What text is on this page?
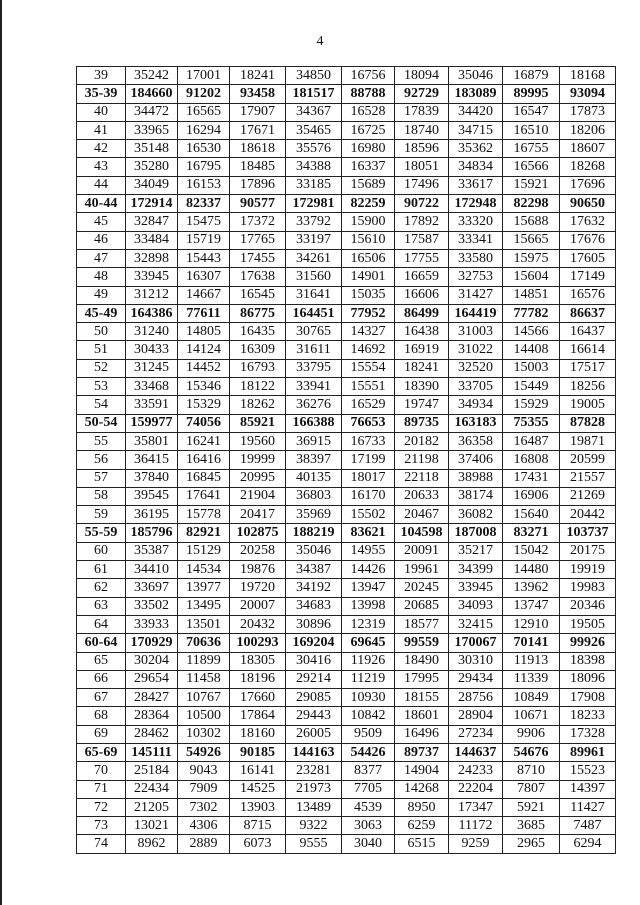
4
39	35242	17001	18241	34850	16756	18094	35046	16879	18168
35-39	184660	91202	93458	181517	88788	92729	183089	89995	93094
40	34472	16565	17907	34367	16528	17839	34420	16547	17873
41	33965	16294	17671	35465	16725	18740	34715	16510	18206
42	35148	16530	18618	35576	16980	18596	35362	16755	18607
43	35280	16795	18485	34388	16337	18051	34834	16566	18268
44	34049	16153	17896	33185	15689	17496	33617	15921	17696
40-44	172914	82337	90577	172981	82259	90722	172948	82298	90650
45	32847	15475	17372	33792	15900	17892	33320	15688	17632
46	33484	15719	17765	33197	15610	17587	33341	15665	17676
47	32898	15443	17455	34261	16506	17755	33580	15975	17605
48	33945	16307	17638	31560	14901	16659	32753	15604	17149
49	31212	14667	16545	31641	15035	16606	31427	14851	16576
45-49	164386	77611	86775	164451	77952	86499	164419	77782	86637
50	31240	14805	16435	30765	14327	16438	31003	14566	16437
51	30433	14124	16309	31611	14692	16919	31022	14408	16614
52	31245	14452	16793	33795	15554	18241	32520	15003	17517
53	33468	15346	18122	33941	15551	18390	33705	15449	18256
54	33591	15329	18262	36276	16529	19747	34934	15929	19005
50-54	159977	74056	85921	166388	76653	89735	163183	75355	87828
55	35801	16241	19560	36915	16733	20182	36358	16487	19871
56	36415	16416	19999	38397	17199	21198	37406	16808	20599
57	37840	16845	20995	40135	18017	22118	38988	17431	21557
58	39545	17641	21904	36803	16170	20633	38174	16906	21269
59	36195	15778	20417	35969	15502	20467	36082	15640	20442
55-59	185796	82921	102875	188219	83621	104598	187008	83271	103737
60	35387	15129	20258	35046	14955	20091	35217	15042	20175
61	34410	14534	19876	34387	14426	19961	34399	14480	19919
62	33697	13977	19720	34192	13947	20245	33945	13962	19983
63	33502	13495	20007	34683	13998	20685	34093	13747	20346
64	33933	13501	20432	30896	12319	18577	32415	12910	19505
60-64	170929	70636	100293	169204	69645	99559	170067	70141	99926
65	30204	11899	18305	30416	11926	18490	30310	11913	18398
66	29654	11458	18196	29214	11219	17995	29434	11339	18096
67	28427	10767	17660	29085	10930	18155	28756	10849	17908
68	28364	10500	17864	29443	10842	18601	28904	10671	18233
69	28462	10302	18160	26005	9509	16496	27234	9906	17328
65-69	145111	54926	90185	144163	54426	89737	144637	54676	89961
70	25184	9043	16141	23281	8377	14904	24233	8710	15523
71	22434	7909	14525	21973	7705	14268	22204	7807	14397
72	21205	7302	13903	13489	4539	8950	17347	5921	11427
73	13021	4306	8715	9322	3063	6259	11172	3685	7487
74	8962	2889	6073	9555	3040	6515	9259	2965	6294
